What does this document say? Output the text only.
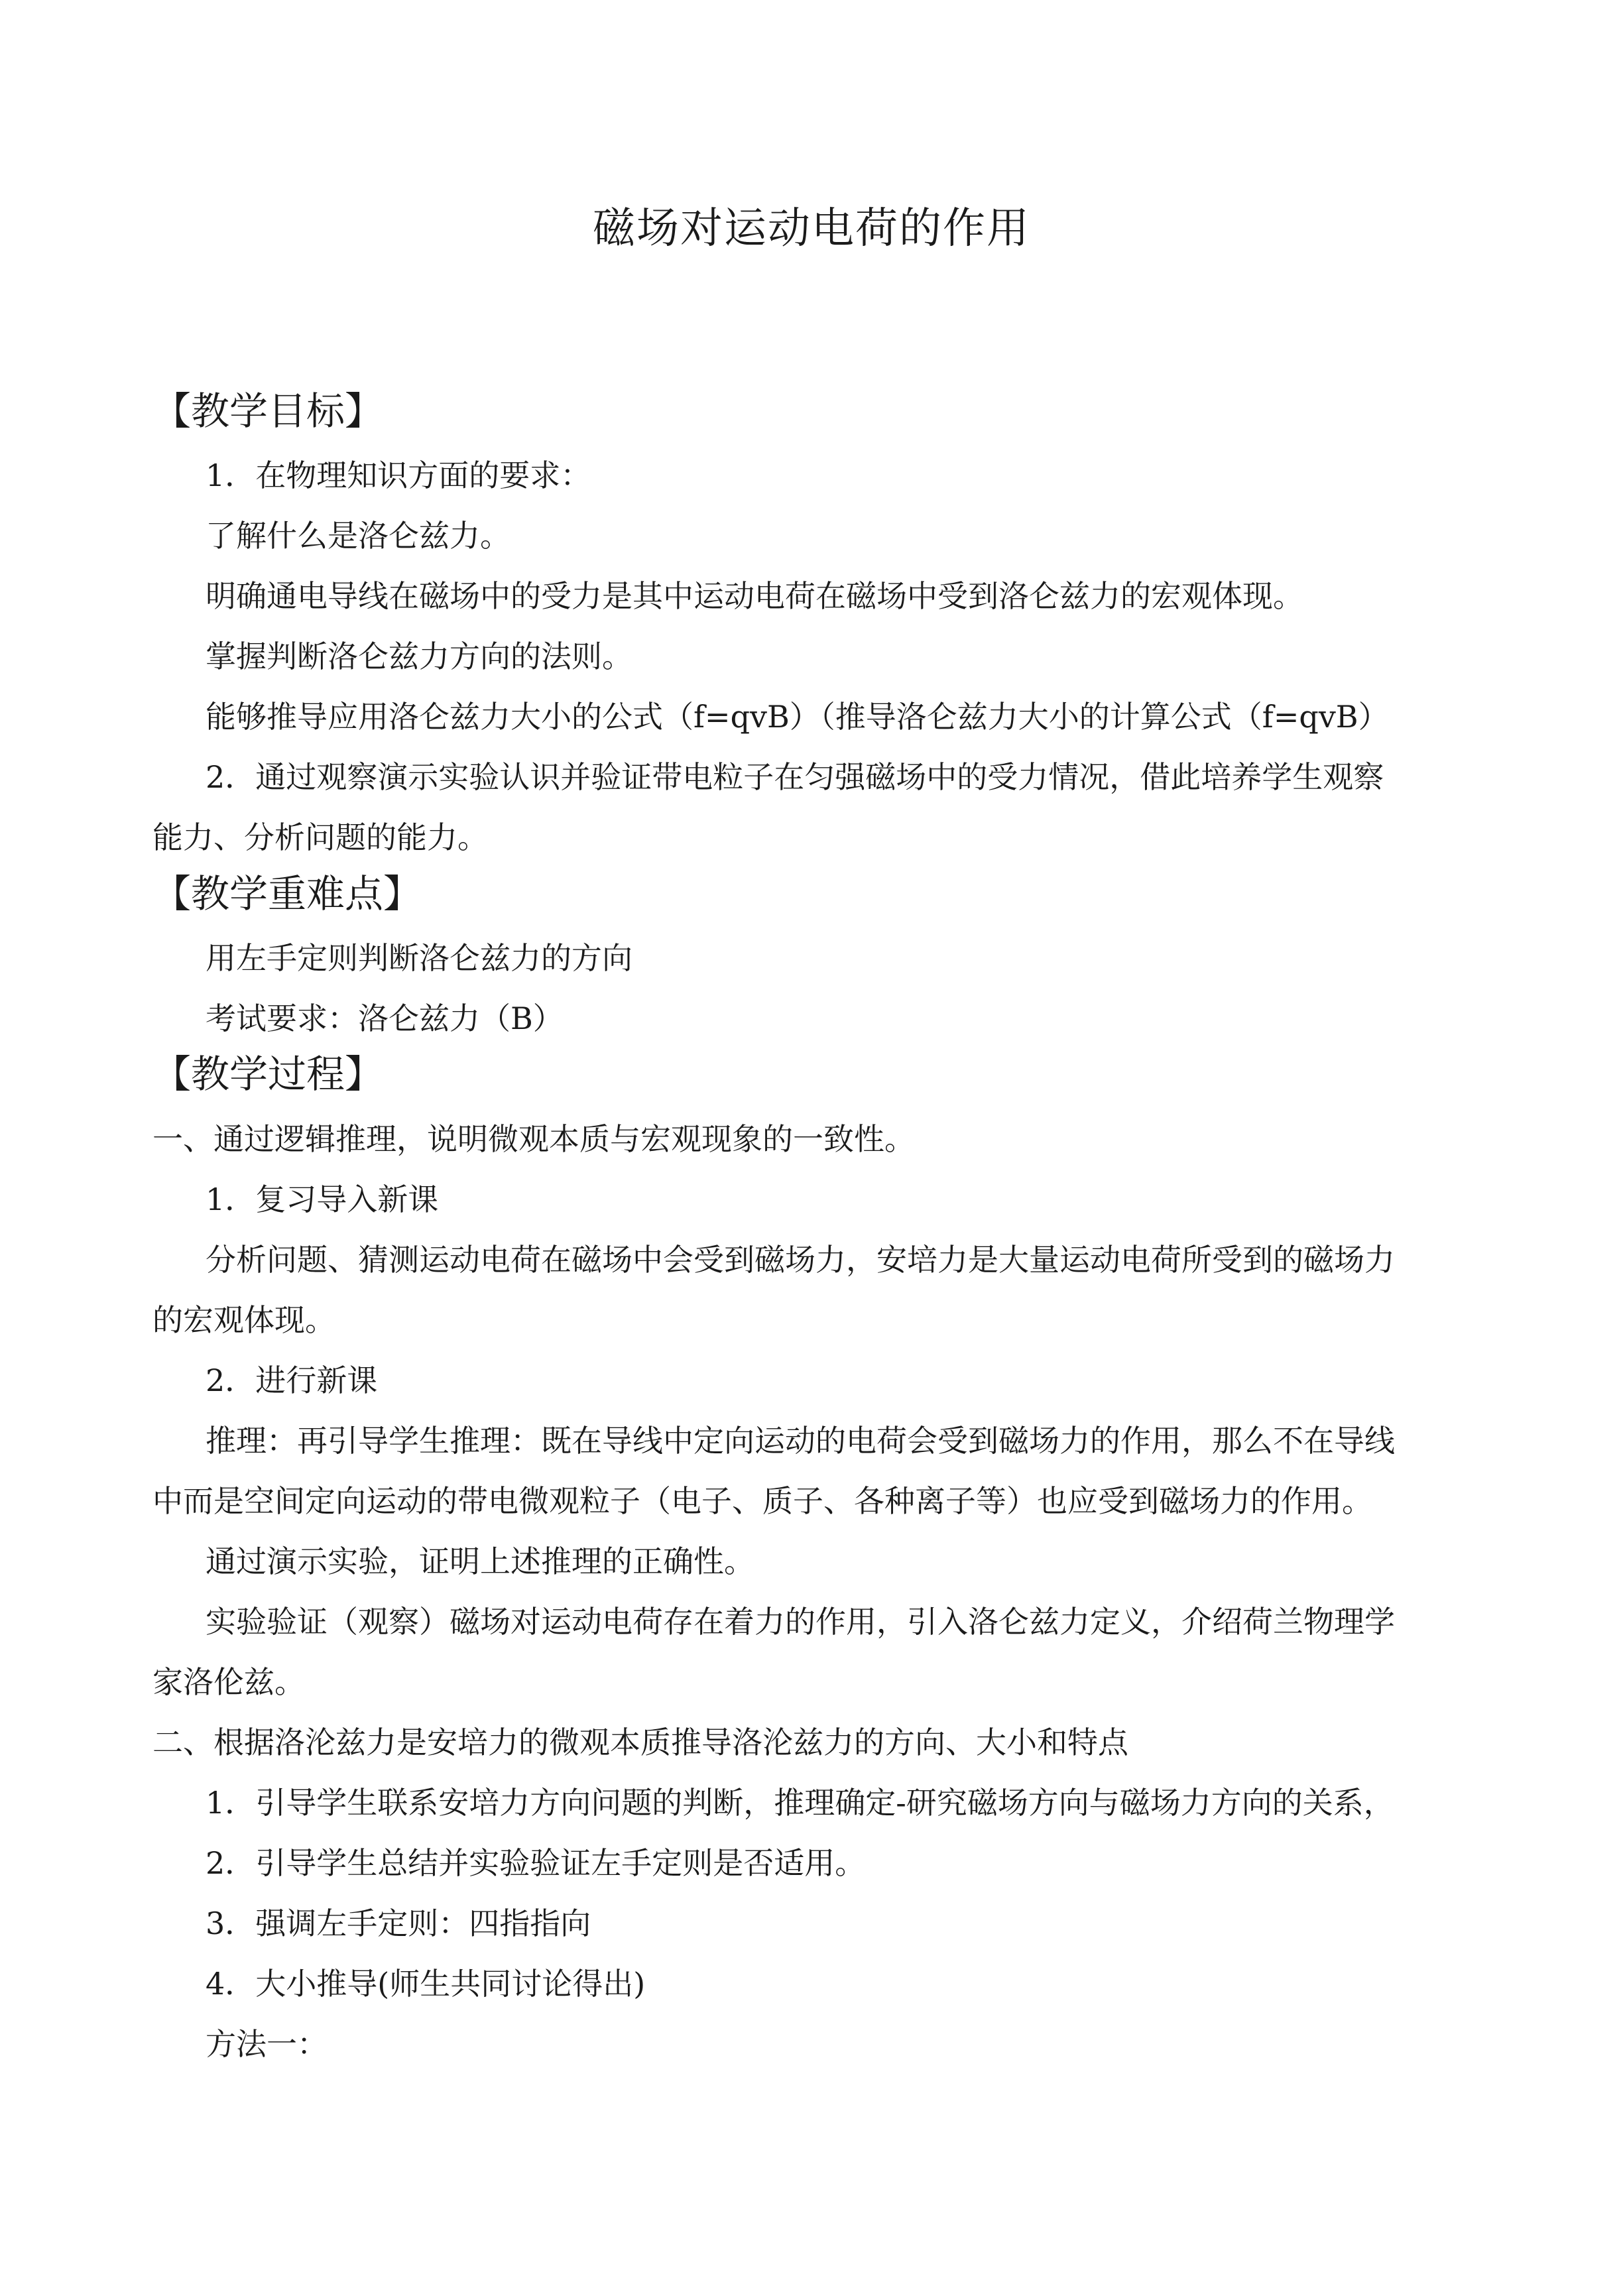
磁场对运动电荷的作用
【教学目标】
1．在物理知识方面的要求：
了解什么是洛仑兹力。
明确通电导线在磁场中的受力是其中运动电荷在磁场中受到洛仑兹力的宏观体现。
掌握判断洛仑兹力方向的法则。
能够推导应用洛仑兹力大小的公式（f=qvB）（推导洛仑兹力大小的计算公式（f=qvB）
2．通过观察演示实验认识并验证带电粒子在匀强磁场中的受力情况，借此培养学生观察
能力、分析问题的能力。
【教学重难点】
用左手定则判断洛仑兹力的方向
考试要求：洛仑兹力（B）
【教学过程】
一、通过逻辑推理，说明微观本质与宏观现象的一致性。
1．复习导入新课
分析问题、猜测运动电荷在磁场中会受到磁场力，安培力是大量运动电荷所受到的磁场力
的宏观体现。
2．进行新课
推理：再引导学生推理：既在导线中定向运动的电荷会受到磁场力的作用，那么不在导线
中而是空间定向运动的带电微观粒子（电子、质子、各种离子等）也应受到磁场力的作用。
通过演示实验，证明上述推理的正确性。
实验验证（观察）磁场对运动电荷存在着力的作用，引入洛仑兹力定义，介绍荷兰物理学
家洛伦兹。
二、根据洛沦兹力是安培力的微观本质推导洛沦兹力的方向、大小和特点
1．引导学生联系安培力方向问题的判断，推理确定-研究磁场方向与磁场力方向的关系，
2．引导学生总结并实验验证左手定则是否适用。
3．强调左手定则：四指指向
4．大小推导(师生共同讨论得出)
方法一：
